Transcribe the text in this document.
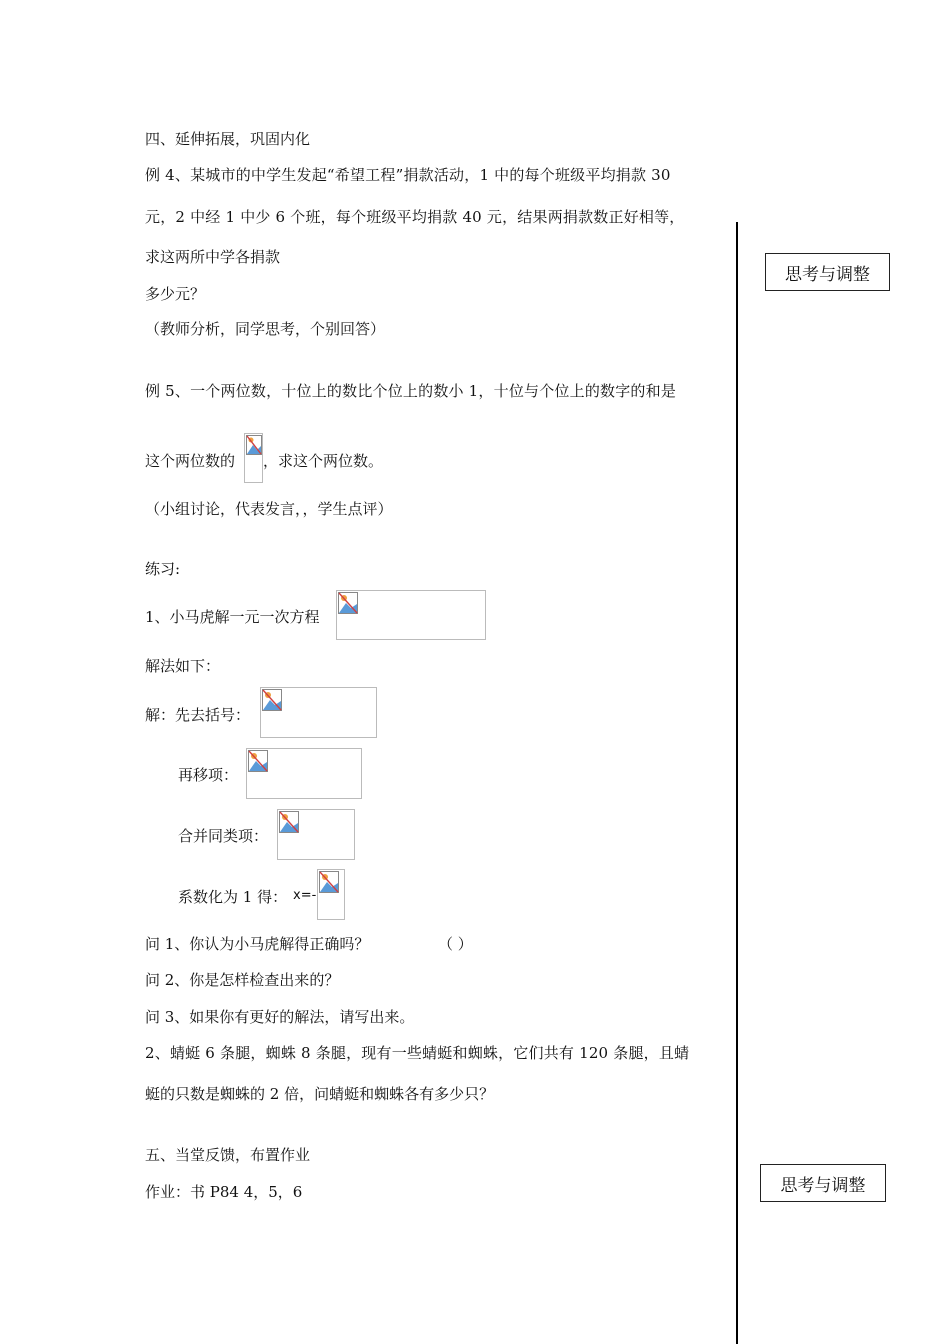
四、延伸拓展，巩固内化
例 4、某城市的中学生发起“希望工程”捐款活动，1 中的每个班级平均捐款 30
元，2 中经 1 中少 6 个班，每个班级平均捐款 40 元，结果两捐款数正好相等，
求这两所中学各捐款
多少元？
（教师分析，同学思考，个别回答）
例 5、一个两位数，十位上的数比个位上的数小 1，十位与个位上的数字的和是
这个两位数的 ，求这个两位数。
（小组讨论，代表发言，，学生点评）
练习:
1、小马虎解一元一次方程
解法如下：
解：先去括号：
再移项：
合并同类项：
系数化为 1 得： x=-
问 1、你认为小马虎解得正确吗？	（ ）
问 2、你是怎样检查出来的？
问 3、如果你有更好的解法，请写出来。
2、蜻蜓 6 条腿，蜘蛛 8 条腿，现有一些蜻蜓和蜘蛛，它们共有 120 条腿，且蜻
蜓的只数是蜘蛛的 2 倍，问蜻蜓和蜘蛛各有多少只？
五、当堂反馈，布置作业
作业：书 P84 4，5，6
思考与调整
思考与调整
